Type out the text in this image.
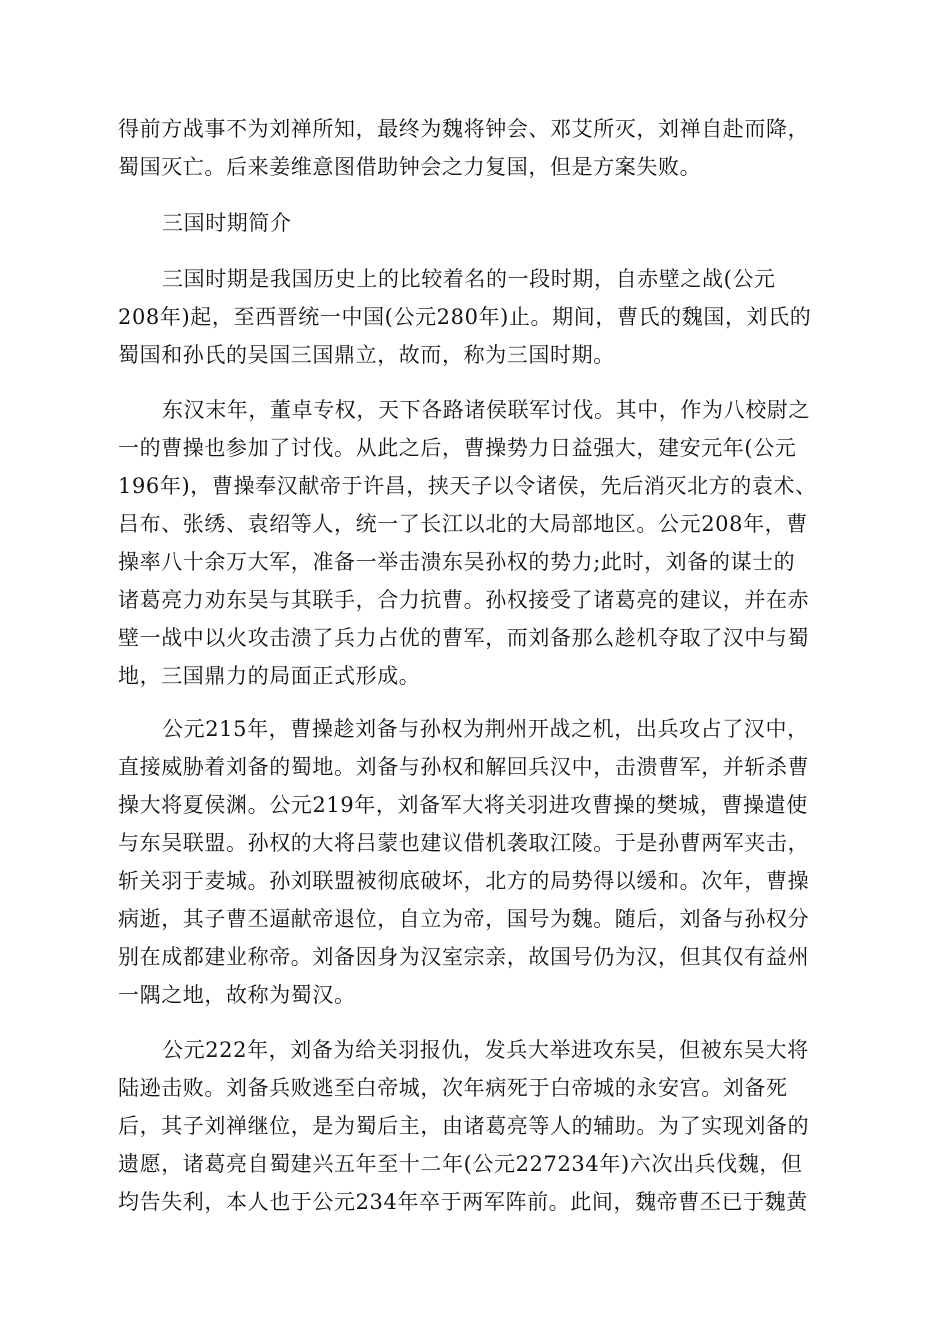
得前方战事不为刘禅所知，最终为魏将钟会、邓艾所灭，刘禅自赴而降，
蜀国灭亡。后来姜维意图借助钟会之力复国，但是方案失败。
三国时期简介
三国时期是我国历史上的比较着名的一段时期，自赤壁之战(公元
208年)起，至西晋统一中国(公元280年)止。期间，曹氏的魏国，刘氏的
蜀国和孙氏的吴国三国鼎立，故而，称为三国时期。
东汉末年，董卓专权，天下各路诸侯联军讨伐。其中，作为八校尉之
一的曹操也参加了讨伐。从此之后，曹操势力日益强大，建安元年(公元
196年)，曹操奉汉献帝于许昌，挟天子以令诸侯，先后消灭北方的袁术、
吕布、张绣、袁绍等人，统一了长江以北的大局部地区。公元208年，曹
操率八十余万大军，准备一举击溃东吴孙权的势力;此时，刘备的谋士的
诸葛亮力劝东吴与其联手，合力抗曹。孙权接受了诸葛亮的建议，并在赤
壁一战中以火攻击溃了兵力占优的曹军，而刘备那么趁机夺取了汉中与蜀
地，三国鼎力的局面正式形成。
公元215年，曹操趁刘备与孙权为荆州开战之机，出兵攻占了汉中，
直接威胁着刘备的蜀地。刘备与孙权和解回兵汉中，击溃曹军，并斩杀曹
操大将夏侯渊。公元219年，刘备军大将关羽进攻曹操的樊城，曹操遣使
与东吴联盟。孙权的大将吕蒙也建议借机袭取江陵。于是孙曹两军夹击，
斩关羽于麦城。孙刘联盟被彻底破坏，北方的局势得以缓和。次年，曹操
病逝，其子曹丕逼献帝退位，自立为帝，国号为魏。随后，刘备与孙权分
别在成都建业称帝。刘备因身为汉室宗亲，故国号仍为汉，但其仅有益州
一隅之地，故称为蜀汉。
公元222年，刘备为给关羽报仇，发兵大举进攻东吴，但被东吴大将
陆逊击败。刘备兵败逃至白帝城，次年病死于白帝城的永安宫。刘备死
后，其子刘禅继位，是为蜀后主，由诸葛亮等人的辅助。为了实现刘备的
遗愿，诸葛亮自蜀建兴五年至十二年(公元227234年)六次出兵伐魏，但
均告失利，本人也于公元234年卒于两军阵前。此间，魏帝曹丕已于魏黄
